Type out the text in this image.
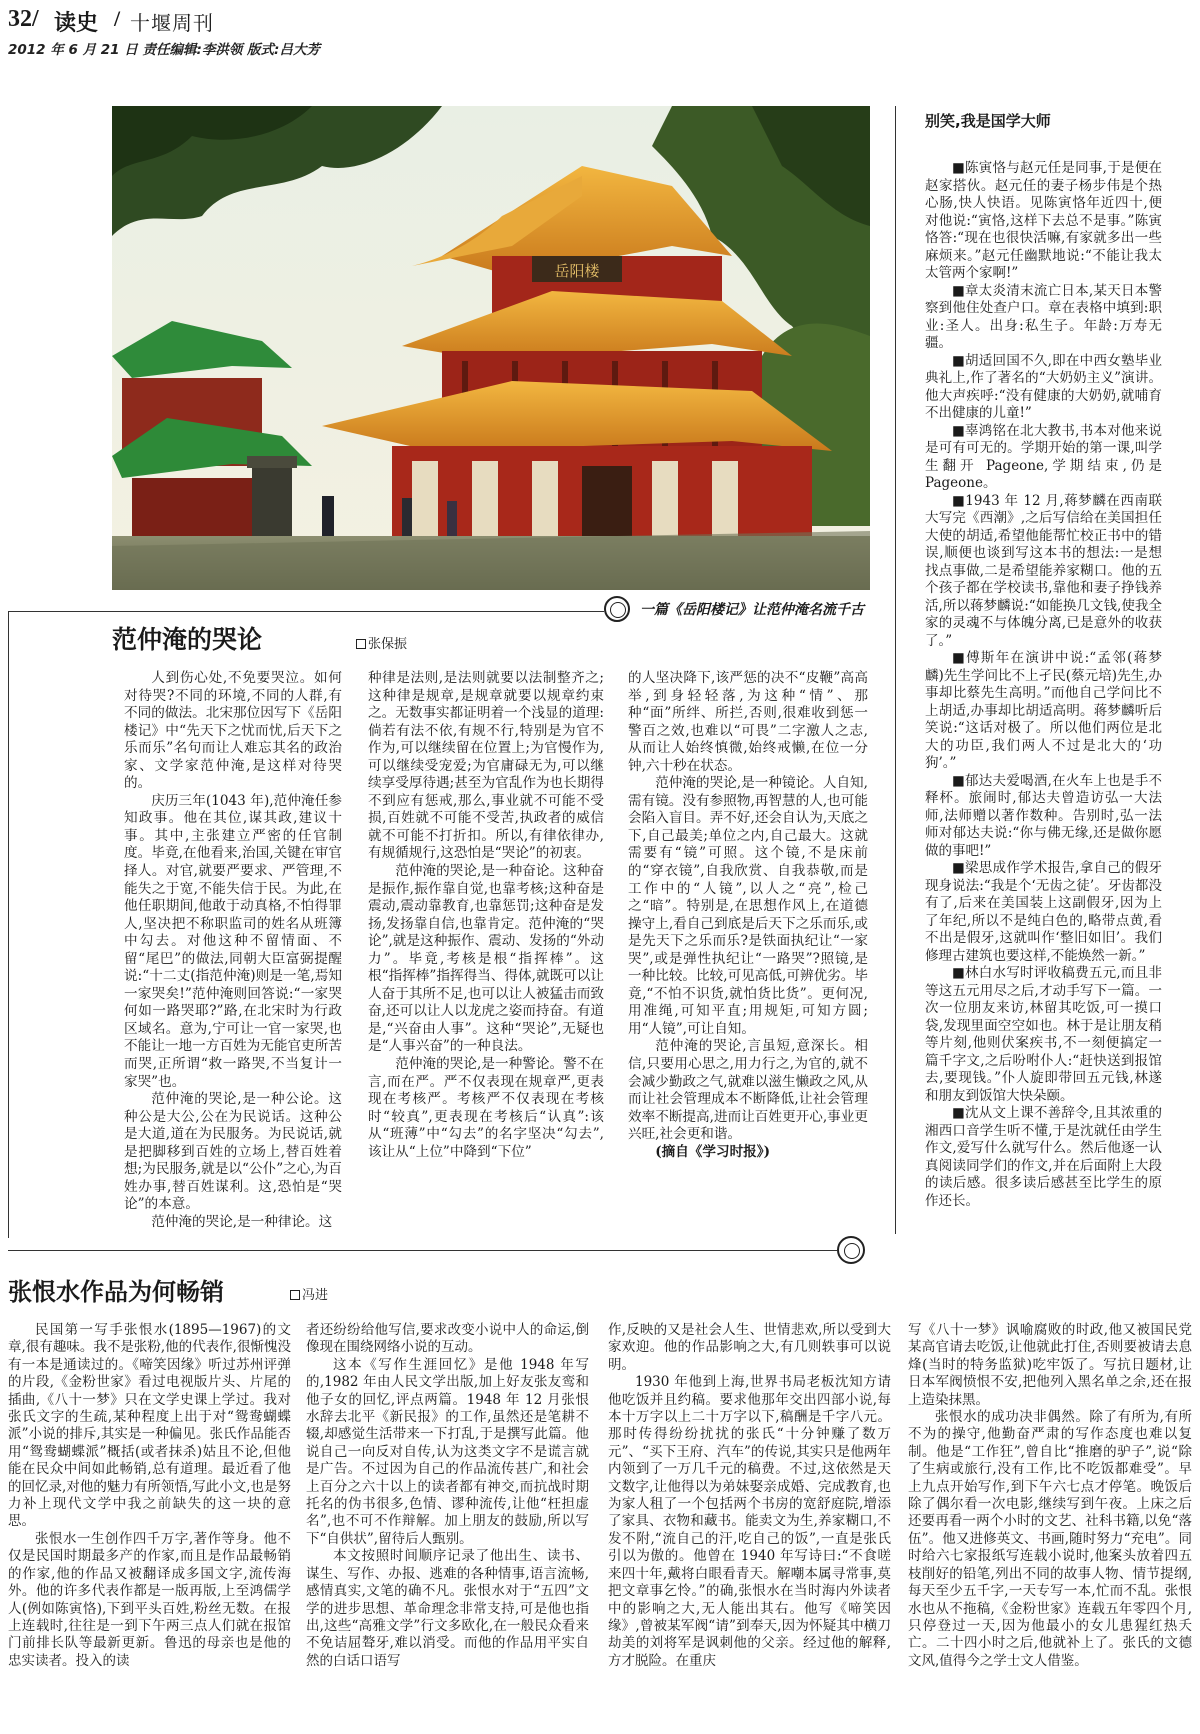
32/ 读史 / 十堰周刊
2012 年 6 月 21 日 责任编辑:李洪领 版式:吕大芳
岳阳楼
一篇《岳阳楼记》让范仲淹名流千古
范仲淹的哭论	张保振

人到伤心处,不免要哭泣。如何对待哭?不同的环境,不同的人群,有不同的做法。北宋那位因写下《岳阳楼记》中“先天下之忧而忧,后天下之乐而乐”名句而让人难忘其名的政治家、文学家范仲淹,是这样对待哭的。

庆历三年(1043 年),范仲淹任参知政事。他在其位,谋其政,建议十事。其中,主张建立严密的任官制度。毕竟,在他看来,治国,关键在审官择人。对官,就要严要求、严管理,不能失之于宽,不能失信于民。为此,在他任职期间,他敢于动真格,不怕得罪人,坚决把不称职监司的姓名从班簿中勾去。对他这种不留情面、不留“尾巴”的做法,同朝大臣富弼提醒说:“十二丈(指范仲淹)则是一笔,焉知一家哭矣!”范仲淹则回答说:“一家哭何如一路哭耶?”路,在北宋时为行政区域名。意为,宁可让一官一家哭,也不能让一地一方百姓为无能官吏所苦而哭,正所谓“救一路哭,不当复计一家哭”也。

范仲淹的哭论,是一种公论。这种公是大公,公在为民说话。这种公是大道,道在为民服务。为民说话,就是把脚移到百姓的立场上,替百姓着想;为民服务,就是以“公仆”之心,为百姓办事,替百姓谋利。这,恐怕是“哭论”的本意。

范仲淹的哭论,是一种律论。这

种律是法则,是法则就要以法制整齐之;这种律是规章,是规章就要以规章约束之。无数事实都证明着一个浅显的道理:倘若有法不依,有规不行,特别是为官不作为,可以继续留在位置上;为官慢作为,可以继续受宠爱;为官庸碌无为,可以继续享受厚待遇;甚至为官乱作为也长期得不到应有惩戒,那么,事业就不可能不受损,百姓就不可能不受苦,执政者的威信就不可能不打折扣。所以,有律依律办,有规循规行,这恐怕是“哭论”的初衷。

范仲淹的哭论,是一种奋论。这种奋是振作,振作靠自觉,也靠考核;这种奋是震动,震动靠教育,也靠惩罚;这种奋是发扬,发扬靠自信,也靠肯定。范仲淹的“哭论”,就是这种振作、震动、发扬的“外动力”。毕竟,考核是根“指挥棒”。这根“指挥棒”指挥得当、得体,就既可以让人奋于其所不足,也可以让人被猛击而致奋,还可以让人以龙虎之姿而持奋。有道是,“兴奋由人事”。这种“哭论”,无疑也是“人事兴奋”的一种良法。

范仲淹的哭论,是一种警论。警不在言,而在严。严不仅表现在规章严,更表现在考核严。考核严不仅表现在考核时“较真”,更表现在考核后“认真”:该从“班薄”中“勾去”的名字坚决“勾去”,该让从“上位”中降到“下位”

的人坚决降下,该严惩的决不“皮鞭”高高举,到身轻轻落,为这种“情”、那种“面”所绊、所拦,否则,很难收到惩一警百之效,也难以“可畏”二字激人之志,从而让人始终慎微,始终戒懒,在位一分钟,六十秒在状态。

范仲淹的哭论,是一种镜论。人自知,需有镜。没有参照物,再智慧的人,也可能会陷入盲目。弄不好,还会自认为,天底之下,自己最美;单位之内,自己最大。这就需要有“镜”可照。这个镜,不是床前的“穿衣镜”,自我欣赏、自我恭敬,而是工作中的“人镜”,以人之“亮”,检己之“暗”。特别是,在思想作风上,在道德操守上,看自己到底是后天下之乐而乐,或是先天下之乐而乐?是铁面执纪让“一家哭”,或是弹性执纪让“一路哭”?照镜,是一种比较。比较,可见高低,可辨优劣。毕竟,“不怕不识货,就怕货比货”。更何况,用准绳,可知平直;用规矩,可知方圆;用“人镜”,可让自知。

范仲淹的哭论,言虽短,意深长。相信,只要用心思之,用力行之,为官的,就不会减少勤政之气,就难以滋生懒政之风,从而让社会管理成本不断降低,让社会管理效率不断提高,进而让百姓更开心,事业更兴旺,社会更和谐。

(摘自《学习时报》)

别笑,我是国学大师

■陈寅恪与赵元任是同事,于是便在赵家搭伙。赵元任的妻子杨步伟是个热心肠,快人快语。见陈寅恪年近四十,便对他说:“寅恪,这样下去总不是事。”陈寅恪答:“现在也很快活嘛,有家就多出一些麻烦来。”赵元任幽默地说:“不能让我太太管两个家啊!”

■章太炎清末流亡日本,某天日本警察到他住处查户口。章在表格中填到:职业:圣人。出身:私生子。年龄:万寿无疆。

■胡适回国不久,即在中西女塾毕业典礼上,作了著名的“大奶奶主义”演讲。他大声疾呼:“没有健康的大奶奶,就哺育不出健康的儿童!”

■辜鸿铭在北大教书,书本对他来说是可有可无的。学期开始的第一课,叫学生翻开 Pageone,学期结束,仍是 Pageone。

■1943 年 12 月,蒋梦麟在西南联大写完《西潮》,之后写信给在美国担任大使的胡适,希望他能帮忙校正书中的错误,顺便也谈到写这本书的想法:一是想找点事做,二是希望能养家糊口。他的五个孩子都在学校读书,靠他和妻子挣钱养活,所以蒋梦麟说:“如能换几文钱,使我全家的灵魂不与体魄分离,已是意外的收获了。”

■傅斯年在演讲中说:“孟邻(蒋梦麟)先生学问比不上孑民(蔡元培)先生,办事却比蔡先生高明。”而他自己学问比不上胡适,办事却比胡适高明。蒋梦麟听后笑说:“这话对极了。所以他们两位是北大的功臣,我们两人不过是北大的‘功狗’。”

■郁达夫爱喝酒,在火车上也是手不释杯。旅闹时,郁达夫曾造访弘一大法师,法师赠以著作数种。告别时,弘一法师对郁达夫说:“你与佛无缘,还是做你愿做的事吧!”

■梁思成作学术报告,拿自己的假牙现身说法:“我是个‘无齿之徒’。牙齿都没有了,后来在美国装上这副假牙,因为上了年纪,所以不是纯白色的,略带点黄,看不出是假牙,这就叫作‘整旧如旧’。我们修理古建筑也要这样,不能焕然一新。”

■林白水写时评收稿费五元,而且非等这五元用尽之后,才动手写下一篇。一次一位朋友来访,林留其吃饭,可一摸口袋,发现里面空空如也。林于是让朋友稍等片刻,他则伏案疾书,不一刻便搞定一篇千字文,之后吩咐仆人:“赶快送到报馆去,要现钱。”仆人旋即带回五元钱,林遂和朋友到饭馆大快朵颐。

■沈从文上课不善辞令,且其浓重的湘西口音学生听不懂,于是沈就任由学生作文,爱写什么就写什么。然后他逐一认真阅读同学们的作文,并在后面附上大段的读后感。很多读后感甚至比学生的原作还长。

张恨水作品为何畅销	冯进

民国第一写手张恨水(1895—1967)的文章,很有趣味。我不是张粉,他的代表作,很惭愧没有一本是通读过的。《啼笑因缘》听过苏州评弹的片段,《金粉世家》看过电视版片头、片尾的插曲,《八十一梦》只在文学史课上学过。我对张氏文字的生疏,某种程度上出于对“鸳鸯蝴蝶派”小说的排斥,其实是一种偏见。张氏作品能否用“鸳鸯蝴蝶派”概括(或者抹杀)姑且不论,但他能在民众中间如此畅销,总有道理。最近看了他的回忆录,对他的魅力有所领悟,写此小文,也是努力补上现代文学中我之前缺失的这一块的意思。

张恨水一生创作四千万字,著作等身。他不仅是民国时期最多产的作家,而且是作品最畅销的作家,他的作品又被翻译成多国文字,流传海外。他的许多代表作都是一版再版,上至鸿儒学人(例如陈寅恪),下到平头百姓,粉丝无数。在报上连载时,往往是一到下午两三点人们就在报馆门前排长队等最新更新。鲁迅的母亲也是他的忠实读者。投入的读

者还纷纷给他写信,要求改变小说中人的命运,倒像现在围绕网络小说的互动。

这本《写作生涯回忆》是他 1948 年写的,1982 年由人民文学出版,加上好友张友鸾和他子女的回忆,评点两篇。1948 年 12 月张恨水辞去北平《新民报》的工作,虽然还是笔耕不辍,却感觉生活带来一下打乱,于是撰写此篇。他说自己一向反对自传,认为这类文字不是谎言就是广告。不过因为自己的作品流传甚广,和社会上百分之六十以上的读者都有神交,而抗战时期托名的伪书很多,色情、谬种流传,让他“枉担虚名”,也不可不作辩解。加上朋友的鼓励,所以写下“自供状”,留待后人甄别。

本文按照时间顺序记录了他出生、读书、谋生、写作、办报、逃难的各种情事,语言流畅,感情真实,文笔的确不凡。张恨水对于“五四”文学的进步思想、革命理念非常支持,可是他也指出,这些“高雅文学”行文多欧化,在一般民众看来不免诘屈聱牙,难以消受。而他的作品用平实自然的白话口语写

作,反映的又是社会人生、世情悲欢,所以受到大家欢迎。他的作品影响之大,有几则轶事可以说明。

1930 年他到上海,世界书局老板沈知方请他吃饭并且约稿。要求他那年交出四部小说,每本十万字以上二十万字以下,稿酬是千字八元。那时传得纷纷扰扰的张氏“十分钟赚了数万元”、“买下王府、汽车”的传说,其实只是他两年内领到了一万几千元的稿费。不过,这依然是天文数字,让他得以为弟妹娶亲成婚、完成教育,也为家人租了一个包括两个书房的宽舒庭院,增添了家具、衣物和藏书。能卖文为生,养家糊口,不发不附,“流自己的汗,吃自己的饭”,一直是张氏引以为傲的。他曾在 1940 年写诗曰:“不食嗟来四十年,戴将白眼看青天。解嘲本属寻常事,莫把文章事乞怜。”的确,张恨水在当时海内外读者中的影响之大,无人能出其右。他写《啼笑因缘》,曾被某军阀“请”到奉天,因为怀疑其中横刀劫美的刘将军是讽刺他的父亲。经过他的解释,方才脱险。在重庆

写《八十一梦》讽喻腐败的时政,他又被国民党某高官请去吃饭,让他就此打住,否则要被请去息烽(当时的特务监狱)吃牢饭了。写抗日题材,让日本军阀愤恨不安,把他列入黑名单之余,还在报上造染抹黑。

张恨水的成功决非偶然。除了有所为,有所不为的操守,他勤奋严肃的写作态度也难以复制。他是“工作狂”,曾自比“推磨的驴子”,说“除了生病或旅行,没有工作,比不吃饭都难受”。早上九点开始写作,到下午六七点才停笔。晚饭后除了偶尔看一次电影,继续写到午夜。上床之后还要再看一两个小时的文艺、社科书籍,以免“落伍”。他又进修英文、书画,随时努力“充电”。同时给六七家报纸写连载小说时,他案头放着四五枝削好的铅笔,列出不同的故事人物、情节提纲,每天至少五千字,一天专写一本,忙而不乱。张恨水也从不拖稿,《金粉世家》连载五年零四个月,只停登过一天,因为他最小的女儿患猩红热夭亡。二十四小时之后,他就补上了。张氏的文德文风,值得今之学士文人借鉴。
